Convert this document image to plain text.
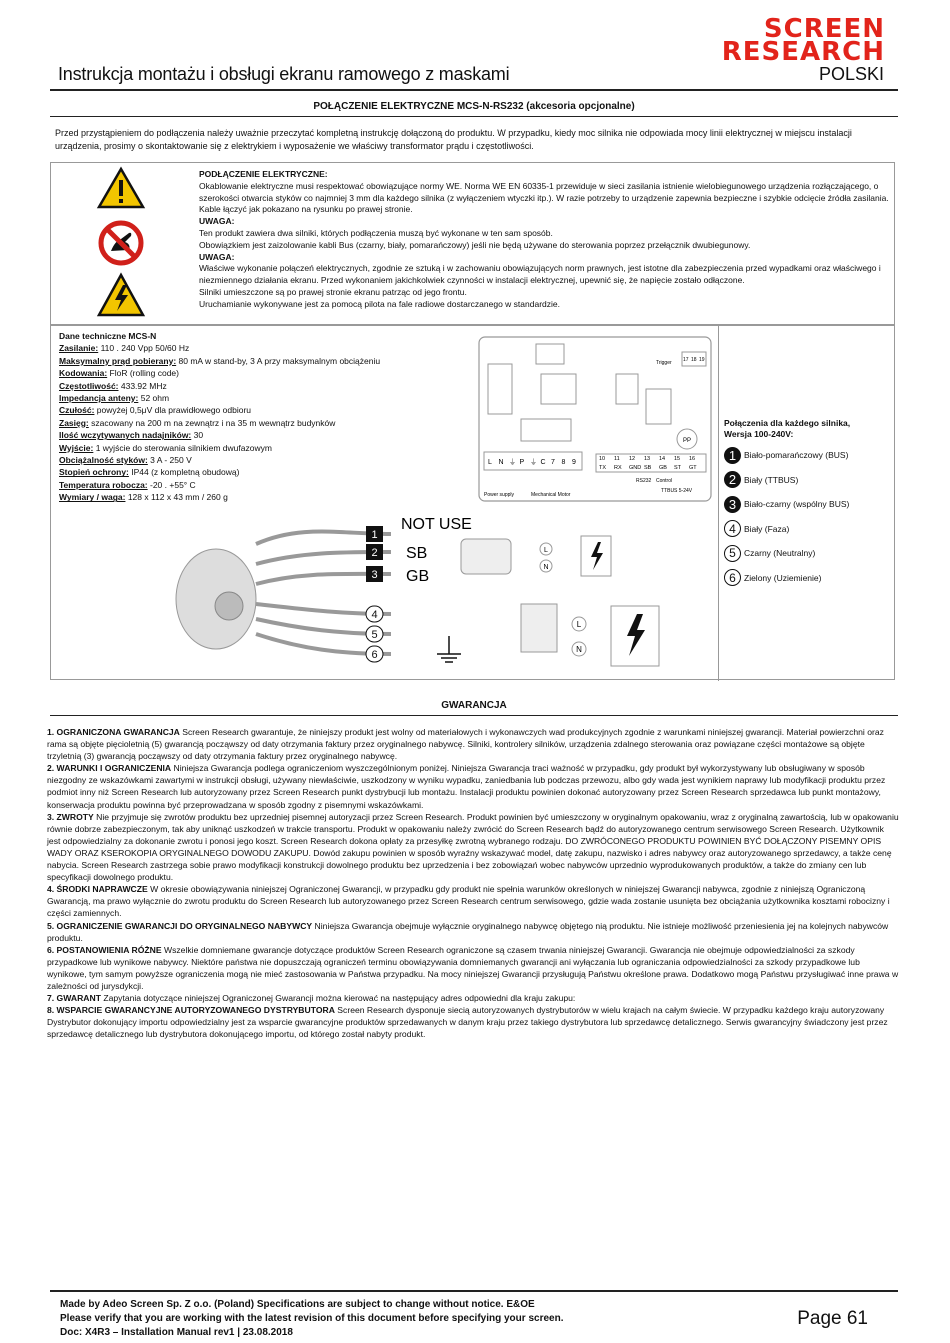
SCREEN
RESEARCH
Instrukcja montażu i obsługi ekranu ramowego z maskami	POLSKI
POŁĄCZENIE ELEKTRYCZNE MCS-N-RS232 (akcesoria opcjonalne)
Przed przystąpieniem do podłączenia należy uważnie przeczytać kompletną instrukcję dołączoną do produktu. W przypadku, kiedy moc silnika nie odpowiada mocy linii elektrycznej w miejscu instalacji urządzenia, prosimy o skontaktowanie się z elektrykiem i wyposażenie we właściwy transformator prądu i częstotliwości.
PODŁĄCZENIE ELEKTRYCZNE:
Okablowanie elektryczne musi respektować obowiązujące normy WE. Norma WE EN 60335-1 przewiduje w sieci zasilania istnienie wielobiegunowego urządzenia rozłączającego, o szerokości otwarcia styków co najmniej 3 mm dla każdego silnika (z wyłączeniem wtyczki itp.). W razie potrzeby to urządzenie zapewnia bezpieczne i szybkie odcięcie źródła zasilania. Kable łączyć jak pokazano na rysunku po prawej stronie.
UWAGA:
Ten produkt zawiera dwa silniki, których podłączenia muszą być wykonane w ten sam sposób.
Obowiązkiem jest zaizolowanie kabli Bus (czarny, biały, pomarańczowy) jeśli nie będą używane do sterowania poprzez przełącznik dwubiegunowy.
UWAGA:
Właściwe wykonanie połączeń elektrycznych, zgodnie ze sztuką i w zachowaniu obowiązujących norm prawnych, jest istotne dla zabezpieczenia przed wypadkami oraz właściwego i niezmiennego działania ekranu. Przed wykonaniem jakichkolwiek czynności w instalacji elektrycznej, upewnić się, że napięcie zostało odłączone.
Silniki umieszczone są po prawej stronie ekranu patrząc od jego frontu.
Uruchamianie wykonywane jest za pomocą pilota na fale radiowe dostarczanego w standardzie.
Dane techniczne MCS-N
Zasilanie: 110 . 240 Vpp 50/60 Hz
Maksymalny prąd pobierany: 80 mA w stand-by, 3 A przy maksymalnym obciążeniu
Kodowania: FloR (rolling code)
Częstotliwość: 433.92 MHz
Impedancja anteny: 52 ohm
Czułość: powyżej 0,5μV dla prawidłowego odbioru
Zasięg: szacowany na 200 m na zewnątrz i na 35 m wewnątrz budynków
Ilość wczytywanych nadajników: 30
Wyjście: 1 wyjście do sterowania silnikiem dwufazowym
Obciążalność styków: 3 A - 250 V
Stopień ochrony: IP44 (z kompletną obudową)
Temperatura robocza: -20 . +55° C
Wymiary / waga: 128 x 112 x 43 mm / 260 g
PP
Trigger
RS232 Control
Power supply	Mechanical Motor
TTBUS 5-24V
L N ⏚ P ⏚ C 7 8 9	10 11 12 13 14 15 16
TX RX GND SB GB ST GT
17 18 19
1
2
3
4
5
6
NOT USE
SB
GB
L
N
L
N
Połączenia dla każdego silnika,
Wersja 100-240V:
1 Biało-pomarańczowy (BUS)
2 Biały (TTBUS)
3 Biało-czarny (wspólny BUS)
4 Biały (Faza)
5 Czarny (Neutralny)
6 Zielony (Uziemienie)
GWARANCJA
1. OGRANICZONA GWARANCJA Screen Research gwarantuje, że niniejszy produkt jest wolny od materiałowych i wykonawczych wad produkcyjnych zgodnie z warunkami niniejszej gwarancji. Materiał powierzchni oraz rama są objęte pięcioletnią (5) gwarancją począwszy od daty otrzymania faktury przez oryginalnego nabywcę. Silniki, kontrolery silników, urządzenia zdalnego sterowania oraz powiązane części montażowe są objęte trzyletnią (3) gwarancją począwszy od daty otrzymania faktury przez oryginalnego nabywcę.
2. WARUNKI I OGRANICZENIA Niniejsza Gwarancja podlega ograniczeniom wyszczególnionym poniżej. Niniejsza Gwarancja traci ważność w przypadku, gdy produkt był wykorzystywany lub obsługiwany w sposób niezgodny ze wskazówkami zawartymi w instrukcji obsługi, używany niewłaściwie, uszkodzony w wyniku wypadku, zaniedbania lub podczas przewozu, albo gdy wada jest wynikiem naprawy lub modyfikacji produktu przez podmiot inny niż Screen Research lub autoryzowany przez Screen Research punkt dystrybucji lub montażu. Instalacji produktu powinien dokonać autoryzowany przez Screen Research sprzedawca lub punkt montażowy, konserwacja produktu powinna być przeprowadzana w sposób zgodny z pisemnymi wskazówkami.
3. ZWROTY Nie przyjmuje się zwrotów produktu bez uprzedniej pisemnej autoryzacji przez Screen Research. Produkt powinien być umieszczony w oryginalnym opakowaniu, wraz z oryginalną zawartością, lub w opakowaniu równie dobrze zabezpieczonym, tak aby uniknąć uszkodzeń w trakcie transportu. Produkt w opakowaniu należy zwrócić do Screen Research bądź do autoryzowanego centrum serwisowego Screen Research. Użytkownik jest odpowiedzialny za dokonanie zwrotu i ponosi jego koszt. Screen Research dokona opłaty za przesyłkę zwrotną wybranego rodzaju. DO ZWRÓCONEGO PRODUKTU POWINIEN BYĆ DOŁĄCZONY PISEMNY OPIS WADY ORAZ KSEROKOPIA ORYGINALNEGO DOWODU ZAKUPU. Dowód zakupu powinien w sposób wyraźny wskazywać model, datę zakupu, nazwisko i adres nabywcy oraz autoryzowanego sprzedawcy, a także cenę nabycia. Screen Research zastrzega sobie prawo modyfikacji konstrukcji dowolnego produktu bez uprzedzenia i bez zobowiązań wobec nabywców uprzednio wyprodukowanych produktów, a także do zmiany cen lub specyfikacji dowolnego produktu.
4. ŚRODKI NAPRAWCZE W okresie obowiązywania niniejszej Ograniczonej Gwarancji, w przypadku gdy produkt nie spełnia warunków określonych w niniejszej Gwarancji nabywca, zgodnie z niniejszą Ograniczoną Gwarancją, ma prawo wyłącznie do zwrotu produktu do Screen Research lub autoryzowanego przez Screen Research centrum serwisowego, gdzie wada zostanie usunięta bez obciążania użytkownika kosztami robocizny i części zamiennych.
5. OGRANICZENIE GWARANCJI DO ORYGINALNEGO NABYWCY Niniejsza Gwarancja obejmuje wyłącznie oryginalnego nabywcę objętego nią produktu. Nie istnieje możliwość przeniesienia jej na kolejnych nabywców produktu.
6. POSTANOWIENIA RÓŻNE Wszelkie domniemane gwarancje dotyczące produktów Screen Research ograniczone są czasem trwania niniejszej Gwarancji. Gwarancja nie obejmuje odpowiedzialności za szkody przypadkowe lub wynikowe nabywcy. Niektóre państwa nie dopuszczają ograniczeń terminu obowiązywania domniemanych gwarancji ani wyłączania lub ograniczania odpowiedzialności za szkody przypadkowe lub wynikowe, tym samym powyższe ograniczenia mogą nie mieć zastosowania w Państwa przypadku. Na mocy niniejszej Gwarancji przysługują Państwu określone prawa. Dodatkowo mogą Państwu przysługiwać inne prawa w zależności od jurysdykcji.
7. GWARANT Zapytania dotyczące niniejszej Ograniczonej Gwarancji można kierować na następujący adres odpowiedni dla kraju zakupu:
8. WSPARCIE GWARANCYJNE AUTORYZOWANEGO DYSTRYBUTORA Screen Research dysponuje siecią autoryzowanych dystrybutorów w wielu krajach na całym świecie. W przypadku każdego kraju autoryzowany Dystrybutor dokonujący importu odpowiedzialny jest za wsparcie gwarancyjne produktów sprzedawanych w danym kraju przez takiego dystrybutora lub sprzedawcę detalicznego. Serwis gwarancyjny świadczony jest przez sprzedawcę detalicznego lub dystrybutora dokonującego importu, od którego został nabyty produkt.
Made by Adeo Screen Sp. Z o.o. (Poland) Specifications are subject to change without notice. E&OE
Please verify that you are working with the latest revision of this document before specifying your screen.
Doc: X4R3 – Installation Manual rev1 | 23.08.2018
Page 61
